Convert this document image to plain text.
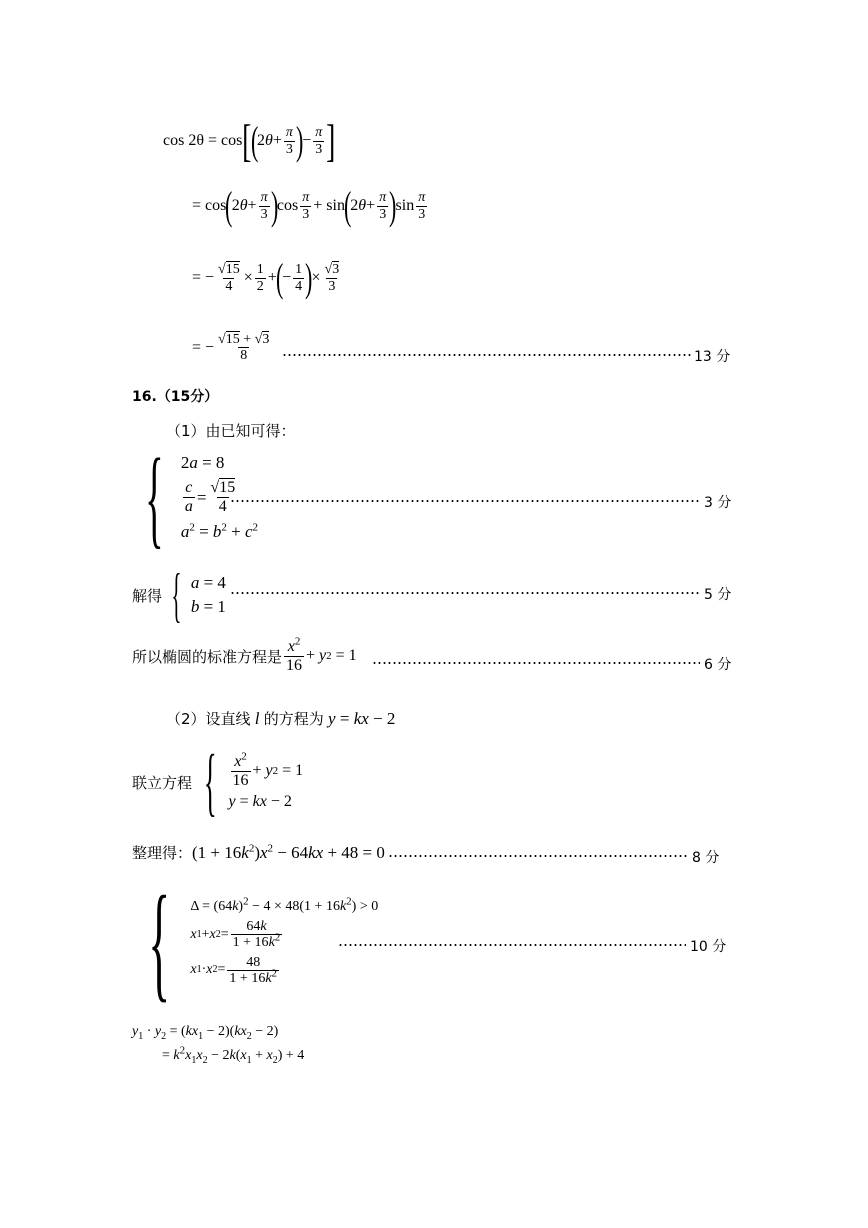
cos 2θ = cos [ (
2 $\theta + \frac{\pi}{3}$ )
− $\frac{\pi}{3}$ ]
= cos
(
2 $\theta + \frac{\pi}{3}$ )
$\cos \frac{\pi}{3} + \sin$
(
2 $\theta + \frac{\pi}{3}$ )
$\sin \frac{\pi}{3}$
= − $\frac{√15}{4} \times \frac{1}{2}$ +
(
− $\frac{1}{4}$ )
× $\frac{√3}{3}$
= − $\frac{√15 + √3}{8}$	13 分
16.（15分）
（1）由已知可得：
{ 2a = 8
$\frac{c}{a} = \frac{√15}{4}$
$a^2 = b^2 + c^2$
3 分
解得 { a = 4
b = 1
5 分
所以椭圆的标准方程是 $\frac{x^2}{16} + y$ 2 = 1
6 分
（2）设直线 l 的方程为 y = kx − 2
联立方程 { $\frac{x^2}{16} + y$ 2 = 1
y = kx − 2
整理得： $(1 + 16k^2)x^2 - 64kx + 48 = 0$	8 分
{ $\Delta = (64k)^2 - 4 \times 48(1 + 16k^2) > 0$
x 1 + x $2 = \frac{64k}{1 + 16k^2}$
x 1 · x $2 = \frac{48}{1 + 16k^2}$
10 分
$y_1 \cdot y_2 = (kx_1 - 2)(kx_2 - 2)$
= $k^2x_1x_2 - 2k(x_1 + x_2) + 4$
